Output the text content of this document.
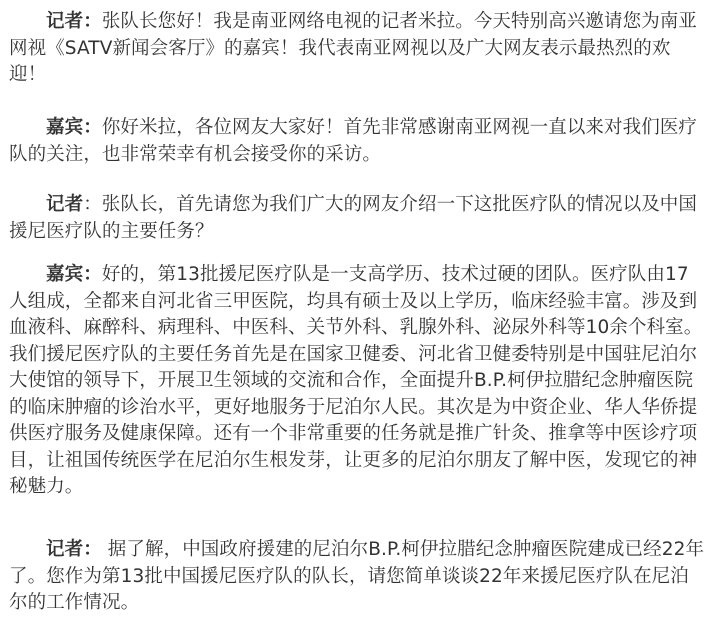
记者：张队长您好！我是南亚网络电视的记者米拉。今天特别高兴邀请您为南亚网视《SATV新闻会客厅》的嘉宾！我代表南亚网视以及广大网友表示最热烈的欢迎！

嘉宾：你好米拉，各位网友大家好！首先非常感谢南亚网视一直以来对我们医疗队的关注，也非常荣幸有机会接受你的采访。

记者：张队长，首先请您为我们广大的网友介绍一下这批医疗队的情况以及中国援尼医疗队的主要任务？

嘉宾：好的，第13批援尼医疗队是一支高学历、技术过硬的团队。医疗队由17人组成，全都来自河北省三甲医院，均具有硕士及以上学历，临床经验丰富。涉及到血液科、麻醉科、病理科、中医科、关节外科、乳腺外科、泌尿外科等10余个科室。我们援尼医疗队的主要任务首先是在国家卫健委、河北省卫健委特别是中国驻尼泊尔大使馆的领导下，开展卫生领域的交流和合作，全面提升B.P.柯伊拉腊纪念肿瘤医院的临床肿瘤的诊治水平，更好地服务于尼泊尔人民。其次是为中资企业、华人华侨提供医疗服务及健康保障。还有一个非常重要的任务就是推广针灸、推拿等中医诊疗项目，让祖国传统医学在尼泊尔生根发芽，让更多的尼泊尔朋友了解中医，发现它的神秘魅力。

记者： 据了解，中国政府援建的尼泊尔B.P.柯伊拉腊纪念肿瘤医院建成已经22年了。您作为第13批中国援尼医疗队的队长，请您简单谈谈22年来援尼医疗队在尼泊尔的工作情况。
